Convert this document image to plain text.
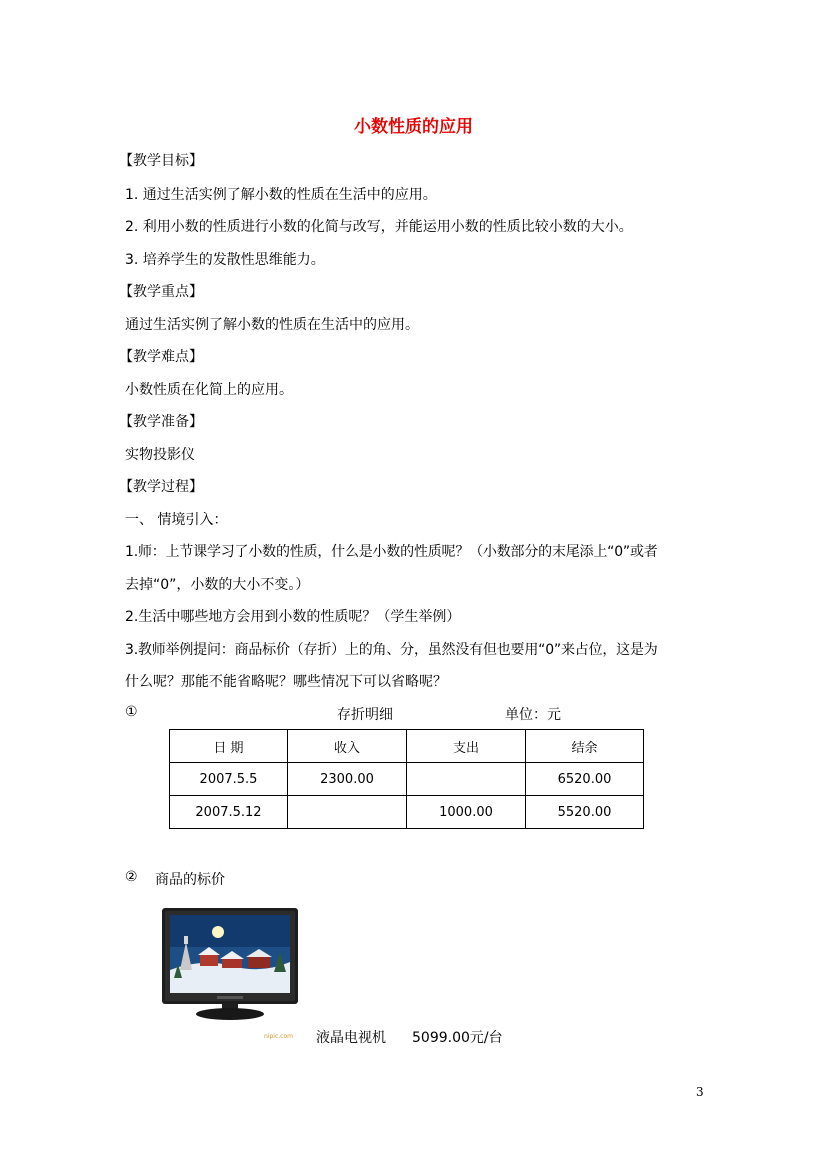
小数性质的应用
【教学目标】
1. 通过生活实例了解小数的性质在生活中的应用。
2. 利用小数的性质进行小数的化简与改写，并能运用小数的性质比较小数的大小。
3. 培养学生的发散性思维能力。
【教学重点】
通过生活实例了解小数的性质在生活中的应用。
【教学难点】
小数性质在化简上的应用。
【教学准备】
实物投影仪
【教学过程】
一、 情境引入：
1.师：上节课学习了小数的性质，什么是小数的性质呢？（小数部分的末尾添上“0”或者
去掉“0”，小数的大小不变。）
2.生活中哪些地方会用到小数的性质呢？（学生举例）
3.教师举例提问：商品标价（存折）上的角、分，虽然没有但也要用“0”来占位，这是为
什么呢？那能不能省略呢？哪些情况下可以省略呢？
①	存折明细	单位：元
日 期	收入	支出	结余
2007.5.5	2300.00		6520.00
2007.5.12		1000.00	5520.00
② 商品的标价
nipic.com 液晶电视机 5099.00元/台
3
